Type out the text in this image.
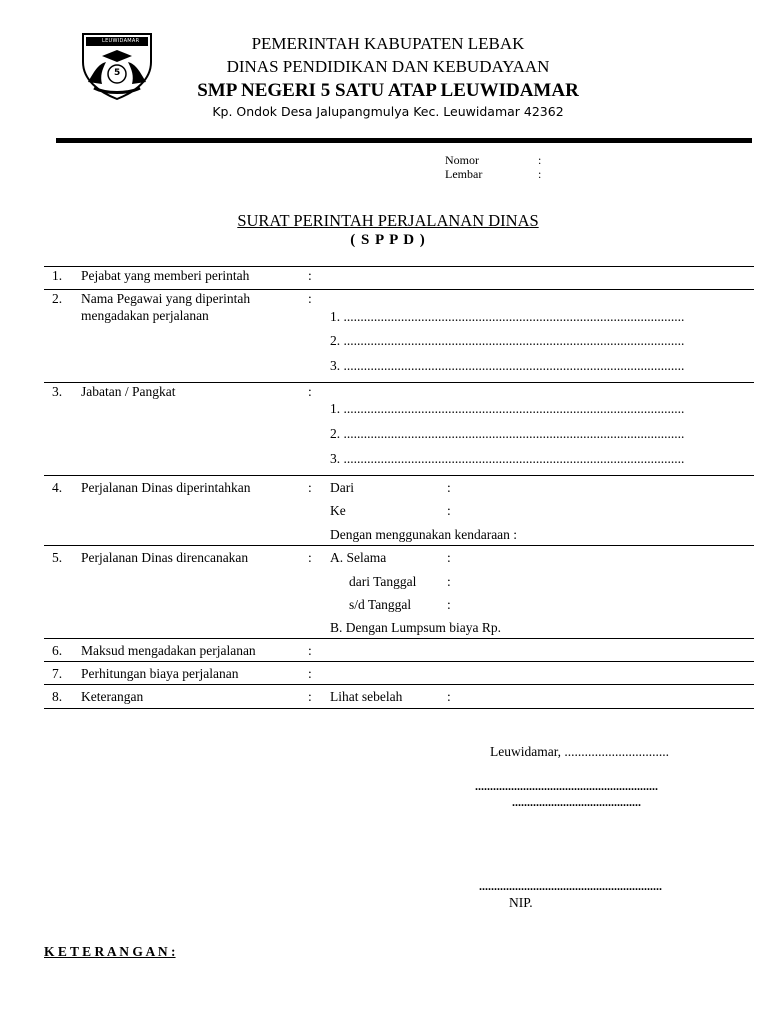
LEUWIDAMAR
5
PEMERINTAH KABUPATEN LEBAK
DINAS PENDIDIKAN DAN KEBUDAYAAN
SMP NEGERI 5 SATU ATAP LEUWIDAMAR
Kp. Ondok Desa Jalupangmulya Kec. Leuwidamar 42362
Nomor	:
Lembar	:
SURAT PERINTAH PERJALANAN DINAS
( S P P D )
1. Pejabat yang memberi perintah	:
2. Nama Pegawai yang diperintah
mengadakan perjalanan
:
1. .....................................................................................................
2. .....................................................................................................
3. .....................................................................................................
3. Jabatan / Pangkat	:
1. .....................................................................................................
2. .....................................................................................................
3. .....................................................................................................
4. Perjalanan Dinas diperintahkan	: Dari	:
Ke	:
Dengan menggunakan kendaraan :
5. Perjalanan Dinas direncanakan	: A. Selama	:
dari Tanggal :
s/d Tanggal	:
B. Dengan Lumpsum biaya Rp.
6. Maksud mengadakan perjalanan	:
7. Perhitungan biaya perjalanan	:
8. Keterangan	: Lihat sebelah	:
Leuwidamar, ...............................
.............................................................
...........................................
.............................................................
NIP.
K E T E R A N G A N :
